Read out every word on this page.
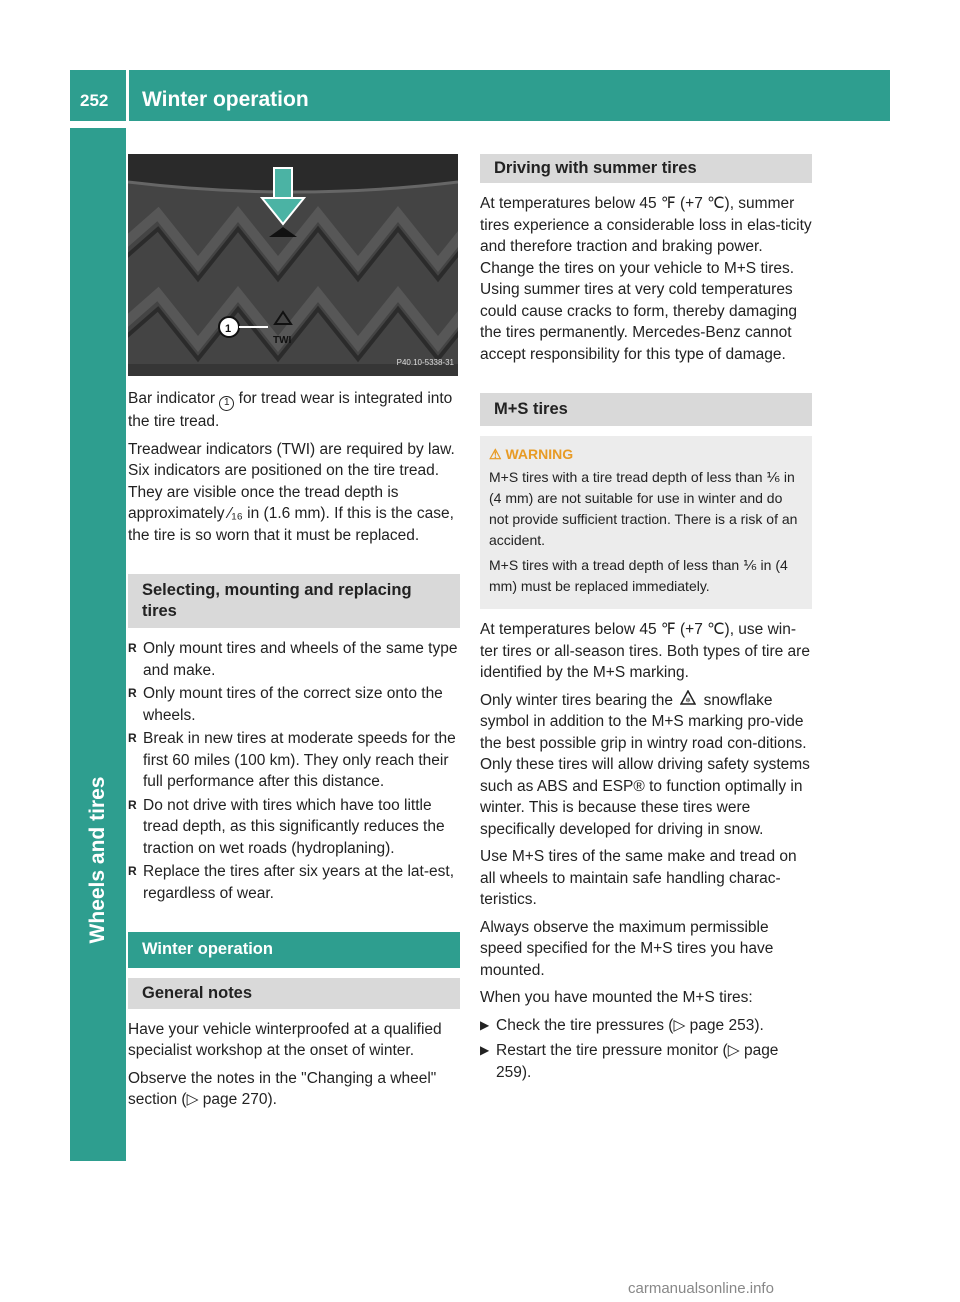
252 Winter operation
Wheels and tires
1
TWI
P40.10-5338-31

Bar indicator 1 for tread wear is integrated into the tire tread.

Treadwear indicators (TWI) are required by law. Six indicators are positioned on the tire tread. They are visible once the tread depth is approximately ⁄₁₆ in (1.6 mm). If this is the case, the tire is so worn that it must be replaced.

Selecting, mounting and replacing tires
R Only mount tires and wheels of the same type and make.
R Only mount tires of the correct size onto the wheels.
R Break in new tires at moderate speeds for the first 60 miles (100 km). They only reach their full performance after this distance.
R Do not drive with tires which have too little tread depth, as this significantly reduces the traction on wet roads (hydroplaning).
R Replace the tires after six years at the lat-est, regardless of wear.
Winter operation
General notes

Have your vehicle winterproofed at a qualified specialist workshop at the onset of winter.

Observe the notes in the "Changing a wheel" section (▷ page 270).

Driving with summer tires

At temperatures below 45 ℉ (+7 ℃), summer tires experience a considerable loss in elas-ticity and therefore traction and braking power. Change the tires on your vehicle to M+S tires. Using summer tires at very cold temperatures could cause cracks to form, thereby damaging the tires permanently. Mercedes-Benz cannot accept responsibility for this type of damage.

M+S tires
⚠ WARNING

M+S tires with a tire tread depth of less than ⅙ in (4 mm) are not suitable for use in winter and do not provide sufficient traction. There is a risk of an accident.

M+S tires with a tread depth of less than ⅙ in (4 mm) must be replaced immediately.

At temperatures below 45 ℉ (+7 ℃), use win-ter tires or all-season tires. Both types of tire are identified by the M+S marking.

Only winter tires bearing the ❄ snowflake symbol in addition to the M+S marking pro-vide the best possible grip in wintry road con-ditions. Only these tires will allow driving safety systems such as ABS and ESP® to function optimally in winter. This is because these tires were specifically developed for driving in snow.

Use M+S tires of the same make and tread on all wheels to maintain safe handling charac-teristics.

Always observe the maximum permissible speed specified for the M+S tires you have mounted.

When you have mounted the M+S tires:

▶ Check the tire pressures (▷ page 253).
▶ Restart the tire pressure monitor (▷ page 259).
carmanualsonline.info
